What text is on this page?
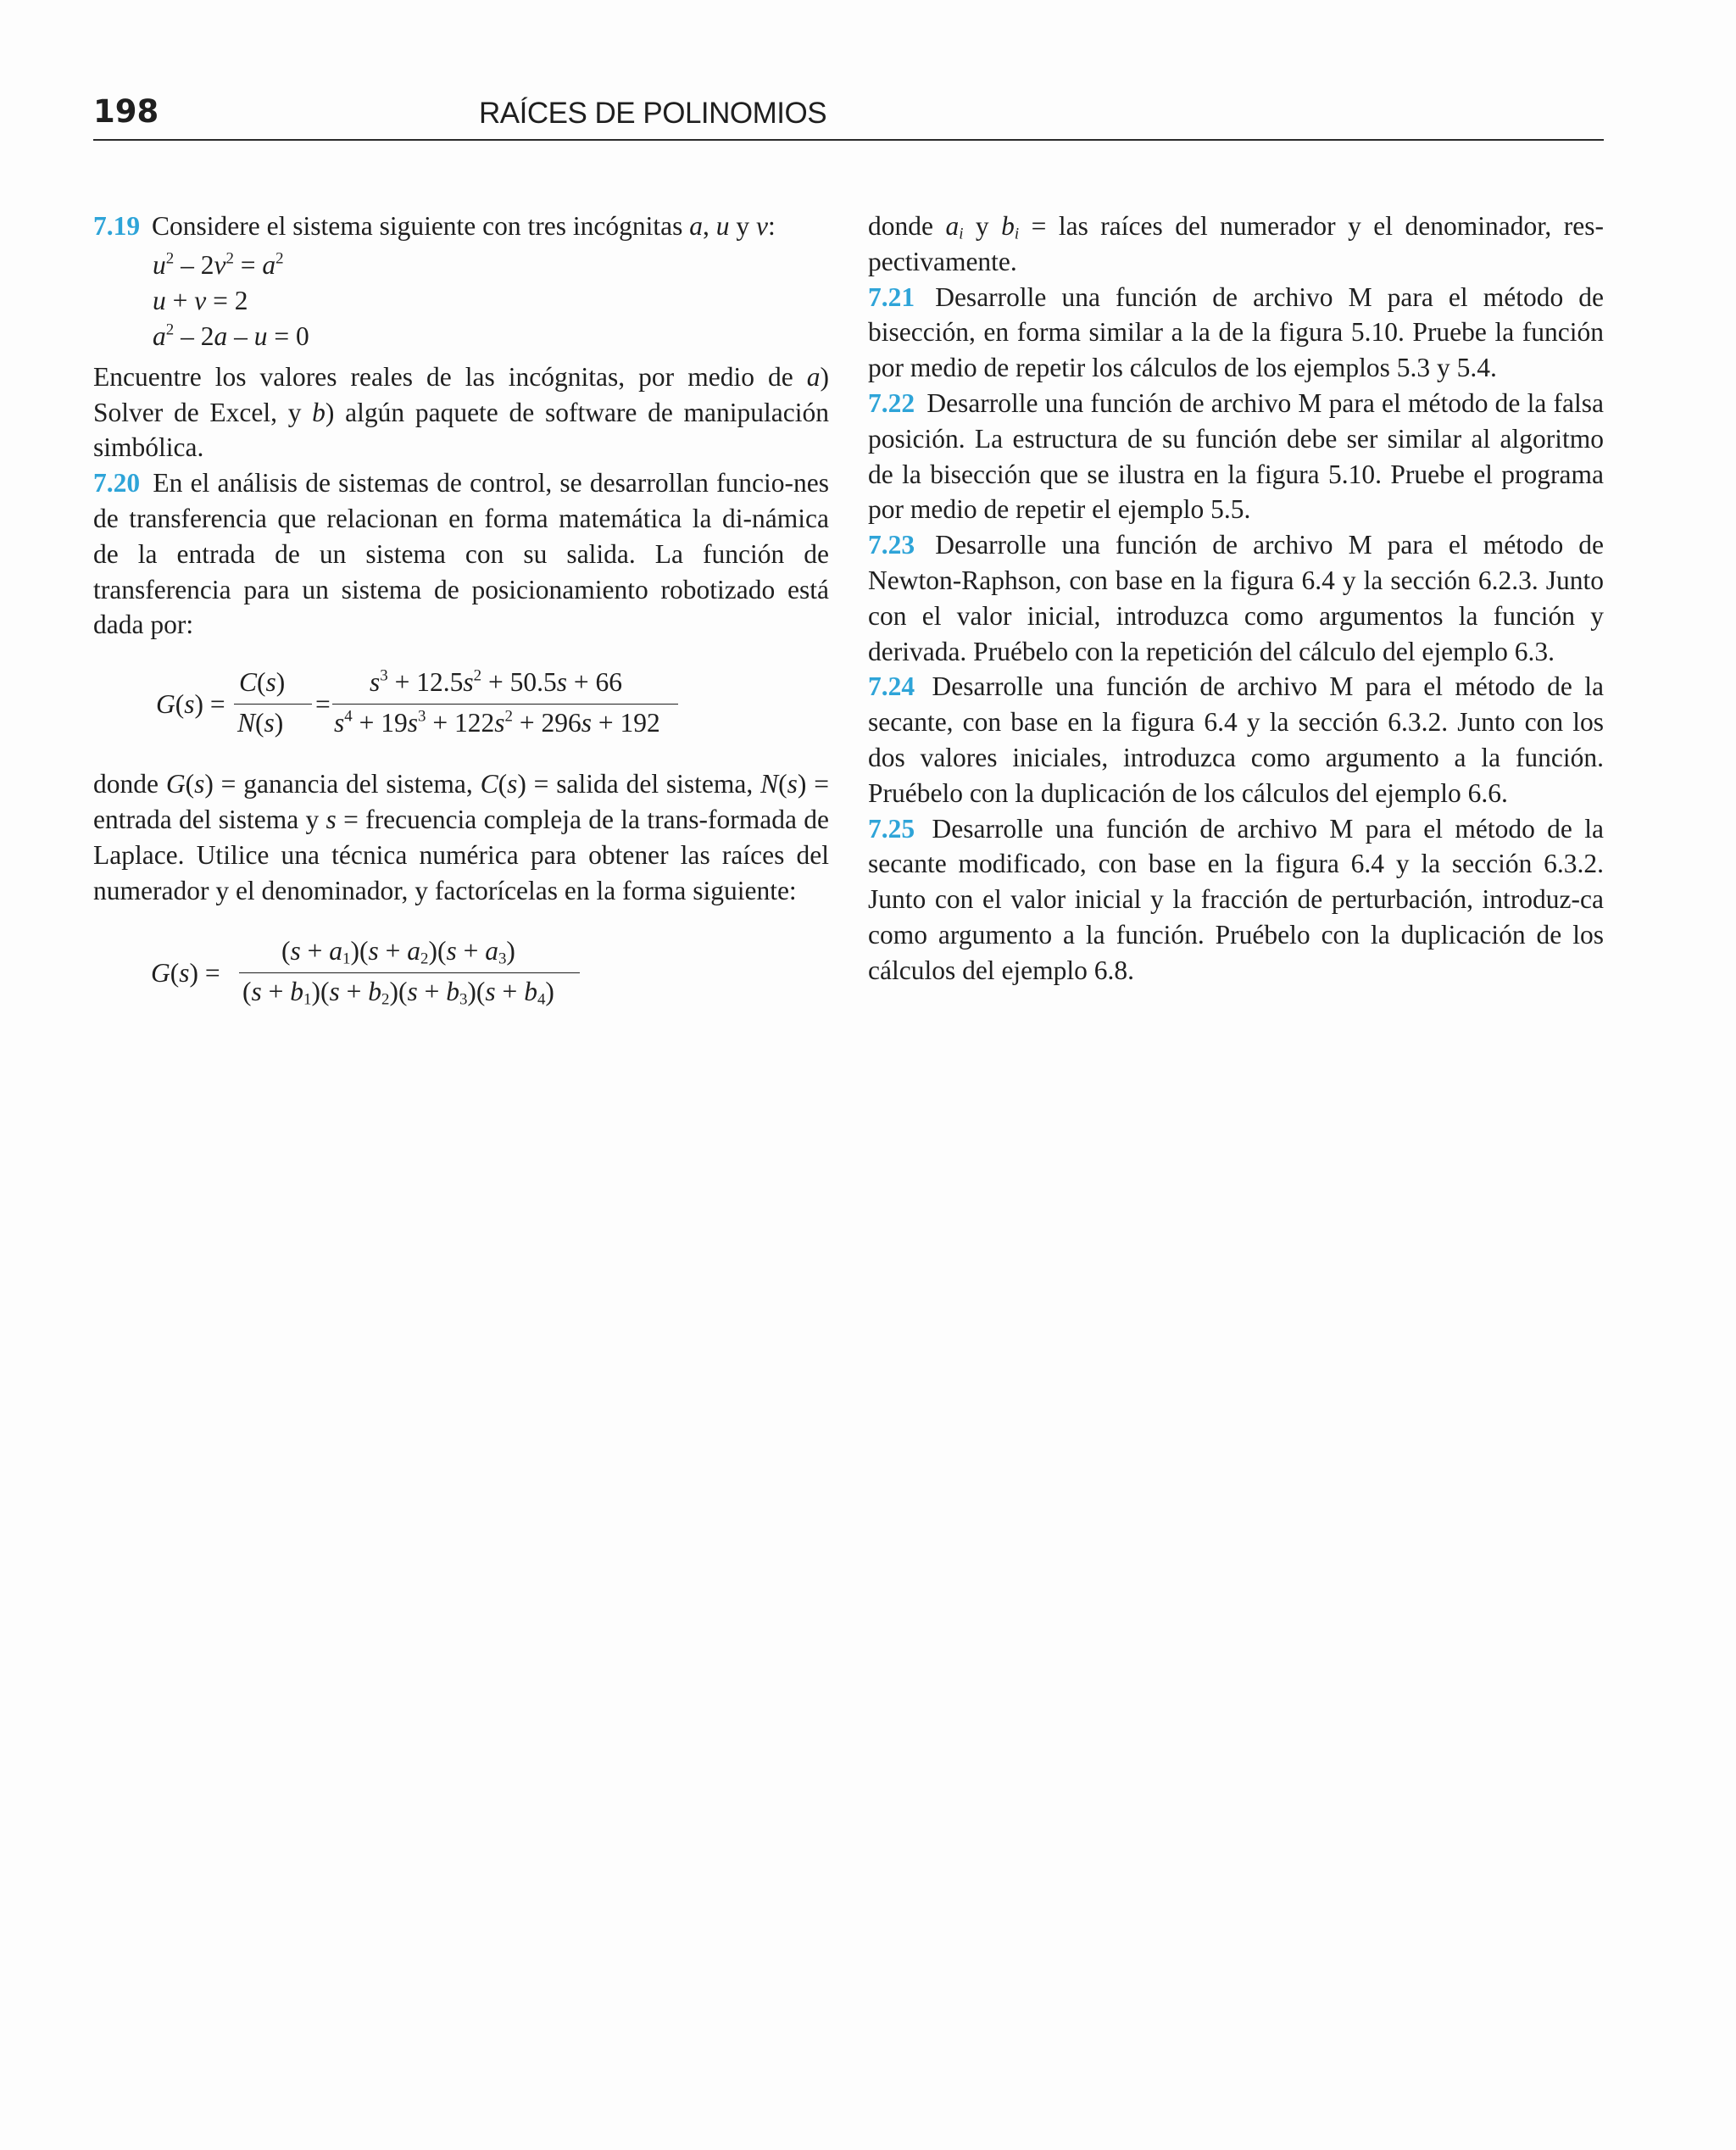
198	RAÍCES DE POLINOMIOS

7.19 Considere el sistema siguiente con tres incógnitas a, u y v:

$u^2 - 2v^2 = a^2$
u + v = 2
$a^2 - 2a - u = 0$

Encuentre los valores reales de las incógnitas, por medio de a) Solver de Excel, y b) algún paquete de software de manipulación simbólica.

7.20 En el análisis de sistemas de control, se desarrollan funcio-nes de transferencia que relacionan en forma matemática la di-námica de la entrada de un sistema con su salida. La función de transferencia para un sistema de posicionamiento robotizado está dada por:

G(s) =
C(s)
N(s)
=
$s^3 + 12.5s^2 + 50.5s + 66$
$s^4 + 19s^3 + 122s^2 + 296s + 192$

donde G(s) = ganancia del sistema, C(s) = salida del sistema, N(s) = entrada del sistema y s = frecuencia compleja de la trans-formada de Laplace. Utilice una técnica numérica para obtener las raíces del numerador y el denominador, y factorícelas en la forma siguiente:

G(s) =
$(s + a_1)(s + a_2)(s + a_3)$
$(s + b_1)(s + b_2)(s + b_3)(s + b_4)$

donde $a_i$ y $b_i$ = las raíces del numerador y el denominador, res-pectivamente.

7.21 Desarrolle una función de archivo M para el método de bisección, en forma similar a la de la figura 5.10. Pruebe la función por medio de repetir los cálculos de los ejemplos 5.3 y 5.4.

7.22 Desarrolle una función de archivo M para el método de la falsa posición. La estructura de su función debe ser similar al algoritmo de la bisección que se ilustra en la figura 5.10. Pruebe el programa por medio de repetir el ejemplo 5.5.

7.23 Desarrolle una función de archivo M para el método de Newton-Raphson, con base en la figura 6.4 y la sección 6.2.3. Junto con el valor inicial, introduzca como argumentos la función y derivada. Pruébelo con la repetición del cálculo del ejemplo 6.3.

7.24 Desarrolle una función de archivo M para el método de la secante, con base en la figura 6.4 y la sección 6.3.2. Junto con los dos valores iniciales, introduzca como argumento a la función. Pruébelo con la duplicación de los cálculos del ejemplo 6.6.

7.25 Desarrolle una función de archivo M para el método de la secante modificado, con base en la figura 6.4 y la sección 6.3.2. Junto con el valor inicial y la fracción de perturbación, introduz-ca como argumento a la función. Pruébelo con la duplicación de los cálculos del ejemplo 6.8.
